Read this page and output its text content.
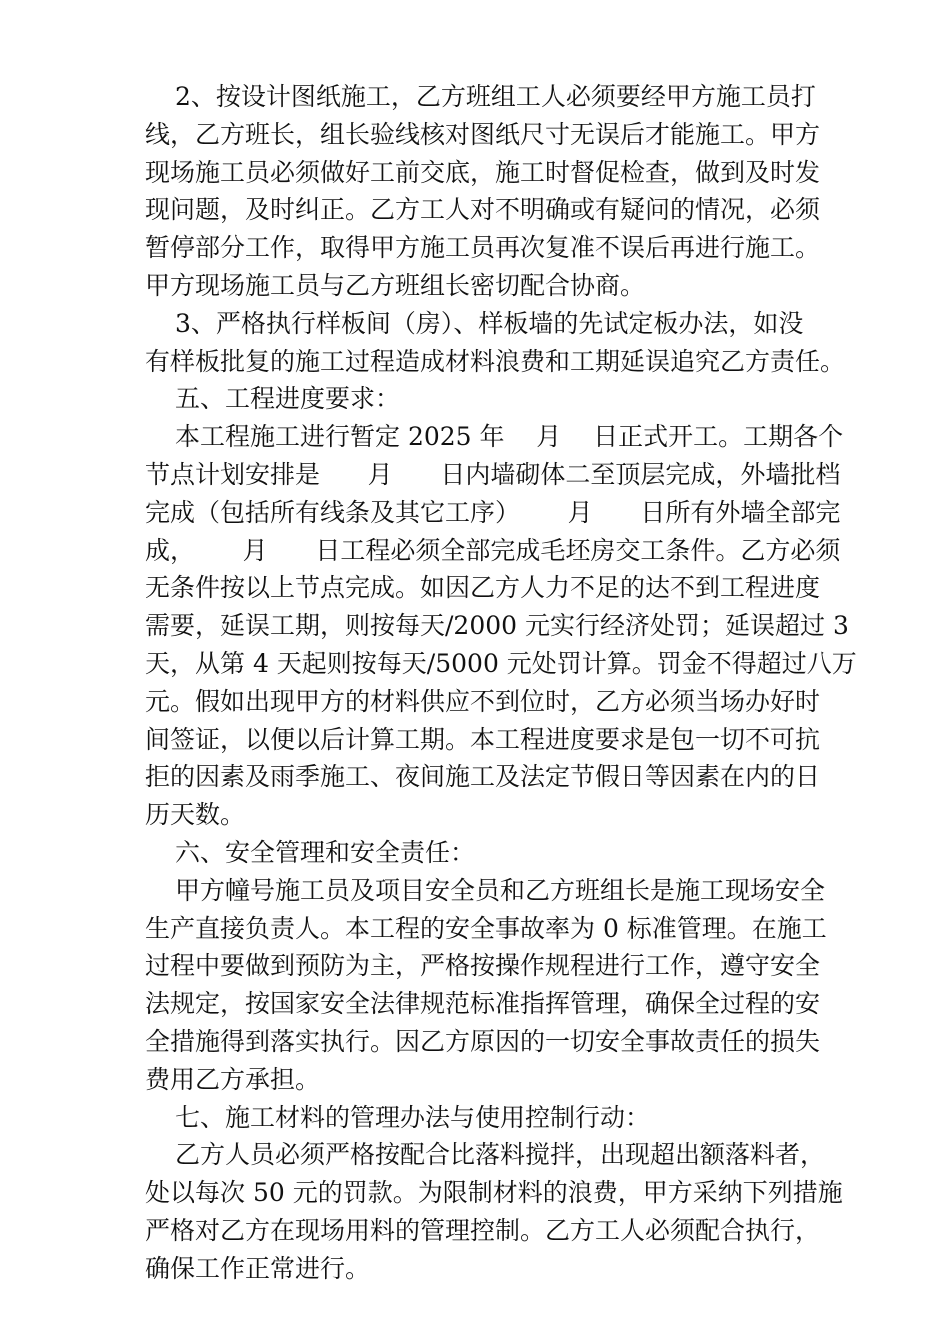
2、按设计图纸施工，乙方班组工人必须要经甲方施工员打
线，乙方班长，组长验线核对图纸尺寸无误后才能施工。甲方
现场施工员必须做好工前交底，施工时督促检查，做到及时发
现问题，及时纠正。乙方工人对不明确或有疑问的情况，必须
暂停部分工作，取得甲方施工员再次复准不误后再进行施工。
甲方现场施工员与乙方班组长密切配合协商。
3、严格执行样板间（房）、样板墙的先试定板办法，如没
有样板批复的施工过程造成材料浪费和工期延误追究乙方责任。
五、工程进度要求：
本工程施工进行暂定 2025 年    月    日正式开工。工期各个
节点计划安排是      月      日内墙砌体二至顶层完成，外墙批档
完成（包括所有线条及其它工序）      月      日所有外墙全部完
成，      月      日工程必须全部完成毛坯房交工条件。乙方必须
无条件按以上节点完成。如因乙方人力不足的达不到工程进度
需要，延误工期，则按每天/2000 元实行经济处罚；延误超过 3
天，从第 4 天起则按每天/5000 元处罚计算。罚金不得超过八万
元。假如出现甲方的材料供应不到位时，乙方必须当场办好时
间签证，以便以后计算工期。本工程进度要求是包一切不可抗
拒的因素及雨季施工、夜间施工及法定节假日等因素在内的日
历天数。
六、安全管理和安全责任：
甲方幢号施工员及项目安全员和乙方班组长是施工现场安全
生产直接负责人。本工程的安全事故率为 0 标准管理。在施工
过程中要做到预防为主，严格按操作规程进行工作，遵守安全
法规定，按国家安全法律规范标准指挥管理，确保全过程的安
全措施得到落实执行。因乙方原因的一切安全事故责任的损失
费用乙方承担。
七、施工材料的管理办法与使用控制行动：
乙方人员必须严格按配合比落料搅拌，出现超出额落料者，
处以每次 50 元的罚款。为限制材料的浪费，甲方采纳下列措施
严格对乙方在现场用料的管理控制。乙方工人必须配合执行，
确保工作正常进行。
